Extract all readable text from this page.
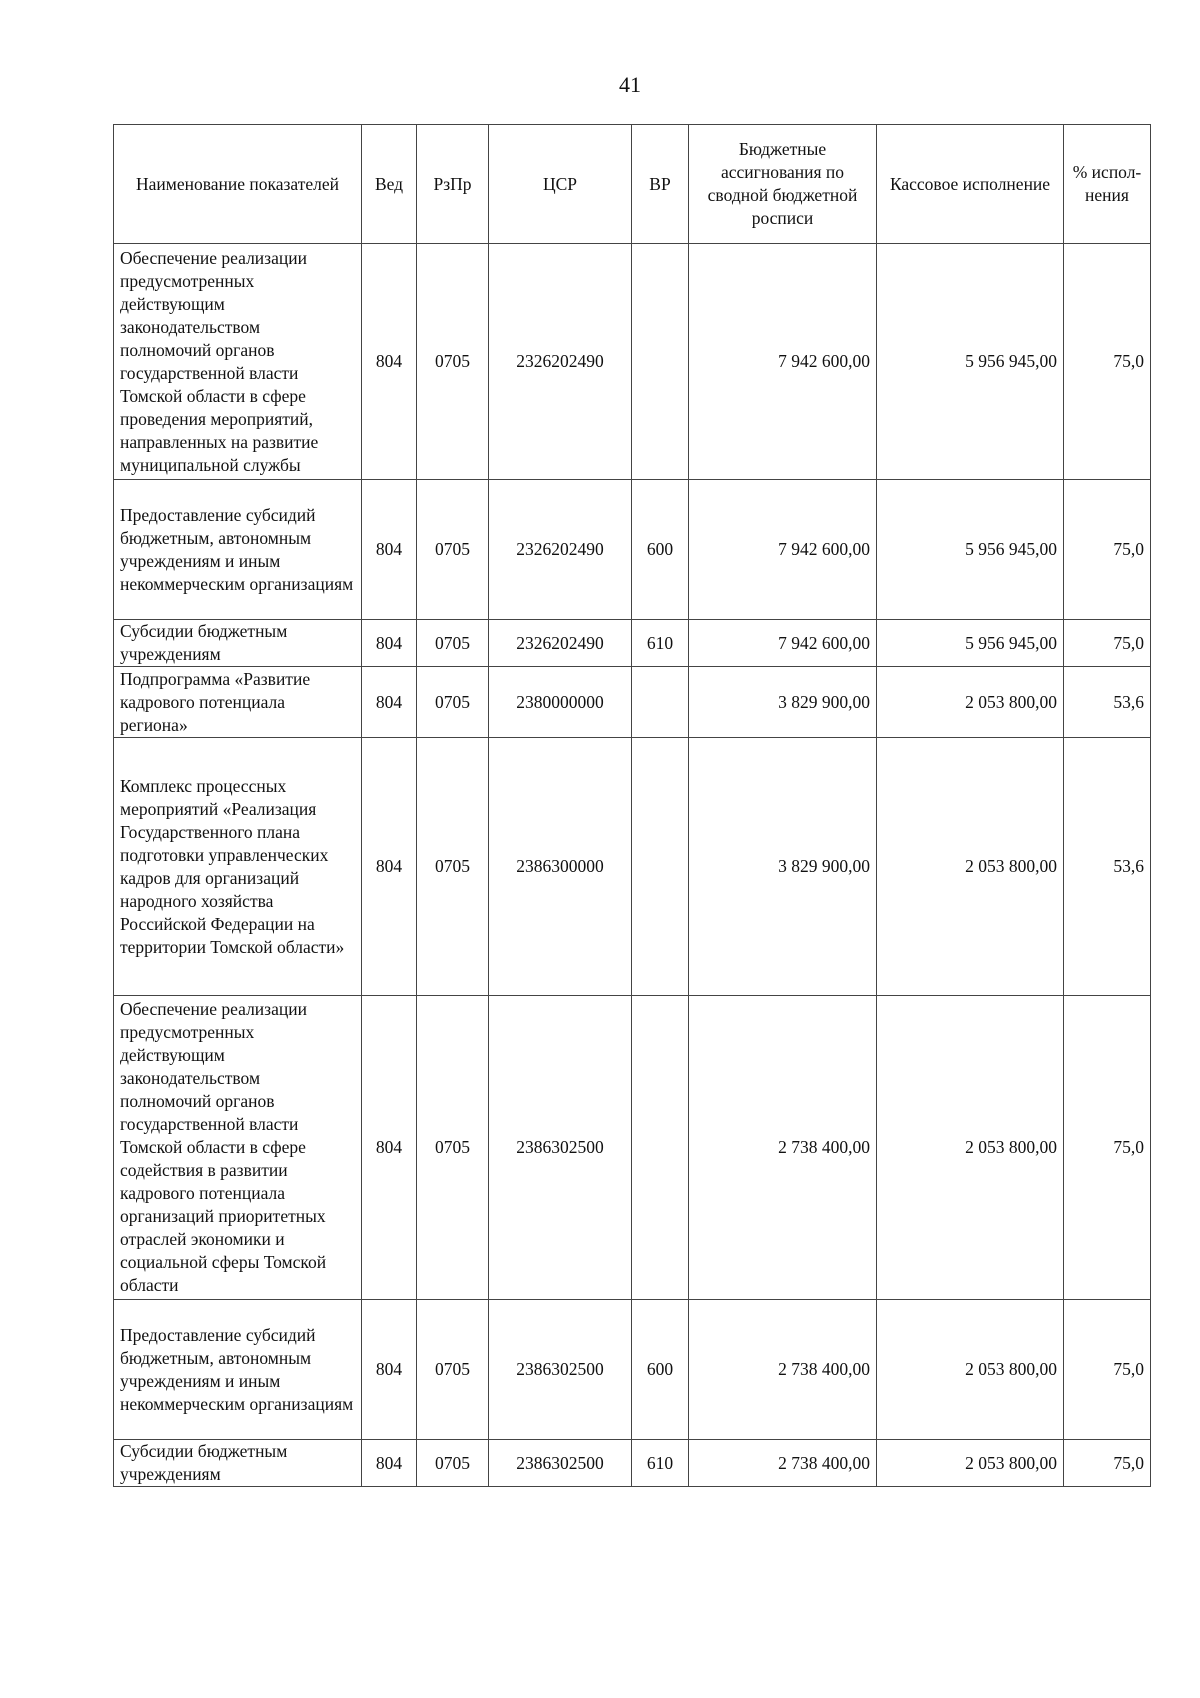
41
Наименование показателей	Вед	РзПр	ЦСР	ВР	Бюджетные ассигнования по сводной бюджетной росписи	Кассовое исполнение	% испол-нения
Обеспечение реализации предусмотренных действующим законодательством полномочий органов государственной власти Томской области в сфере проведения мероприятий, направленных на развитие муниципальной службы	804	0705	2326202490		7 942 600,00	5 956 945,00	75,0
Предоставление субсидий бюджетным, автономным учреждениям и иным некоммерческим организациям	804	0705	2326202490	600	7 942 600,00	5 956 945,00	75,0
Субсидии бюджетным учреждениям	804	0705	2326202490	610	7 942 600,00	5 956 945,00	75,0
Подпрограмма «Развитие кадрового потенциала региона»	804	0705	2380000000		3 829 900,00	2 053 800,00	53,6
Комплекс процессных мероприятий «Реализация Государственного плана подготовки управленческих кадров для организаций народного хозяйства Российской Федерации на территории Томской области»	804	0705	2386300000		3 829 900,00	2 053 800,00	53,6
Обеспечение реализации предусмотренных действующим законодательством полномочий органов государственной власти Томской области в сфере содействия в развитии кадрового потенциала организаций приоритетных отраслей экономики и социальной сферы Томской области	804	0705	2386302500		2 738 400,00	2 053 800,00	75,0
Предоставление субсидий бюджетным, автономным учреждениям и иным некоммерческим организациям	804	0705	2386302500	600	2 738 400,00	2 053 800,00	75,0
Субсидии бюджетным учреждениям	804	0705	2386302500	610	2 738 400,00	2 053 800,00	75,0
